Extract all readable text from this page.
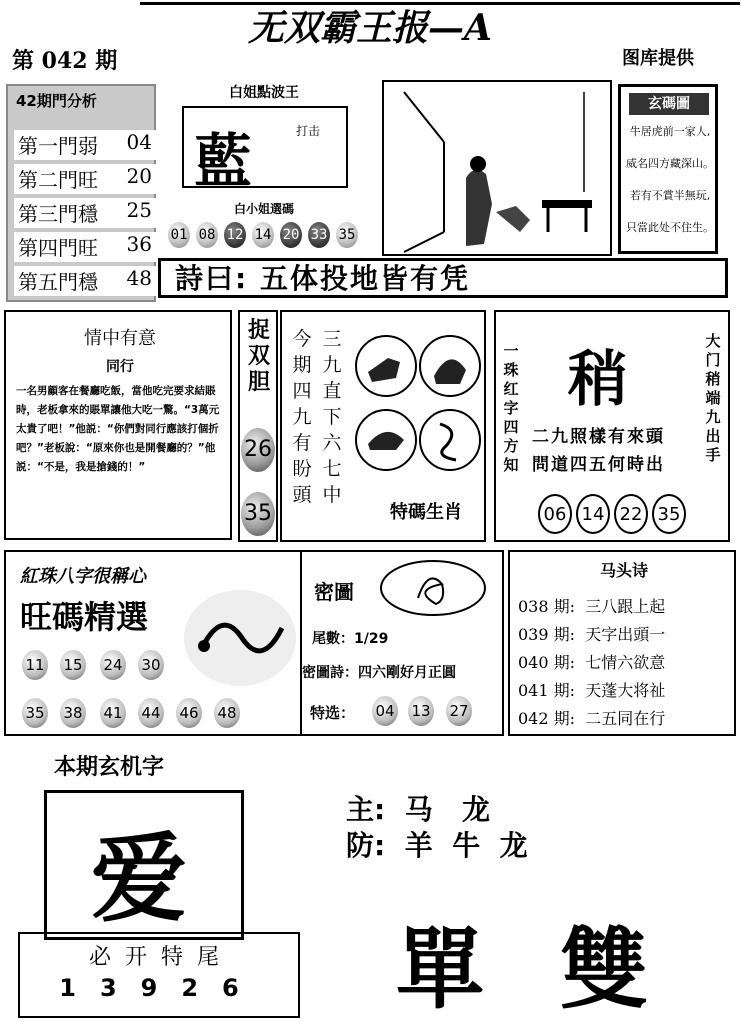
无双霸王报—A
第 042 期	图库提供
42期門分析
第一門弱 04
第二門旺 20
第三門穩 25
第四門旺 36
第五門穩 48
白姐點波王
藍	打击
白小姐選碼
01 08 12 14 20 33 35
玄碼圖
牛居虎前一家人,
威名四方藏深山。
若有不賞半無玩,
只當此处不住生。
詩曰: 五体投地皆有凭
情中有意
同行
一名男顧客在餐廳吃飯，當他吃完要求結賬時，老板拿來的賬單讓他大吃一驚。“3萬元太貴了吧！”他説：“你們對同行應該打個折吧？”老板說：“原來你也是開餐廳的？”他説：“不是，我是搶錢的！”
捉双胆
26
35
今期四九有盼頭
三九直下六七中
特碼生肖
一珠红字四方知
大门稍端九出手
稍
二九照樣有來頭
問道四五何時出
06 14 22 35
紅珠八字很稱心
旺碼精選
11 15 24 30
35 38 41 44 46 48
密圖
尾數：1/29
密圖詩：四六剛好月正圓
特选： 04 13 27
马头诗
038 期:  三八跟上起
039 期:  天字出頭一
040 期:  七情六欲意
041 期:  天蓬大将祉
042 期:  二五同在行
本期玄机字
爱
必开特尾
13926
主:  马   龙
防:  羊  牛  龙
單 雙
